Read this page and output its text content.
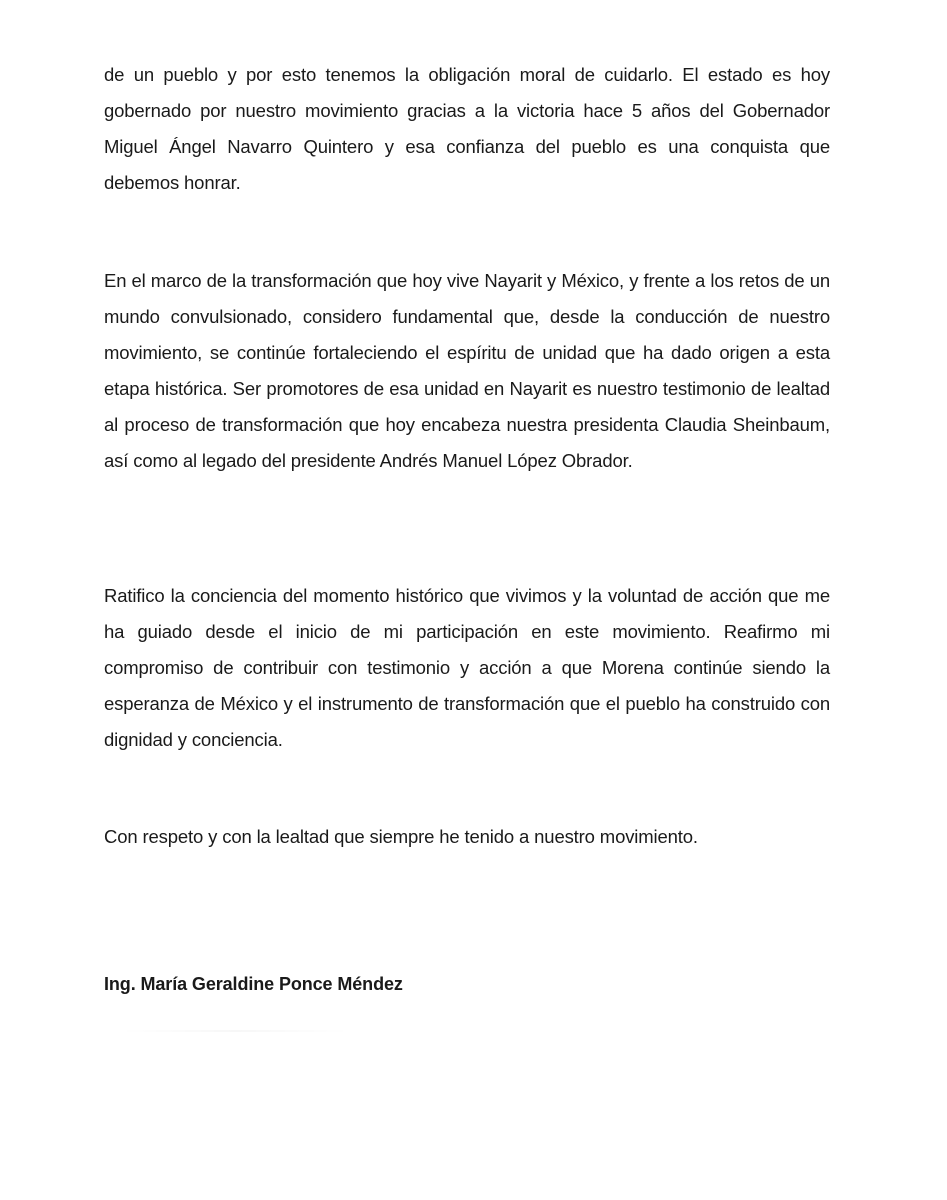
de un pueblo y por esto tenemos la obligación moral de cuidarlo. El estado es hoy gobernado por nuestro movimiento gracias a la victoria hace 5 años del Gobernador Miguel Ángel Navarro Quintero y esa confianza del pueblo es una conquista que debemos honrar.

En el marco de la transformación que hoy vive Nayarit y México, y frente a los retos de un mundo convulsionado, considero fundamental que, desde la conducción de nuestro movimiento, se continúe fortaleciendo el espíritu de unidad que ha dado origen a esta etapa histórica. Ser promotores de esa unidad en Nayarit es nuestro testimonio de lealtad al proceso de transformación que hoy encabeza nuestra presidenta Claudia Sheinbaum, así como al legado del presidente Andrés Manuel López Obrador.

Ratifico la conciencia del momento histórico que vivimos y la voluntad de acción que me ha guiado desde el inicio de mi participación en este movimiento. Reafirmo mi compromiso de contribuir con testimonio y acción a que Morena continúe siendo la esperanza de México y el instrumento de transformación que el pueblo ha construido con dignidad y conciencia.

Con respeto y con la lealtad que siempre he tenido a nuestro movimiento.

Ing. María Geraldine Ponce Méndez
